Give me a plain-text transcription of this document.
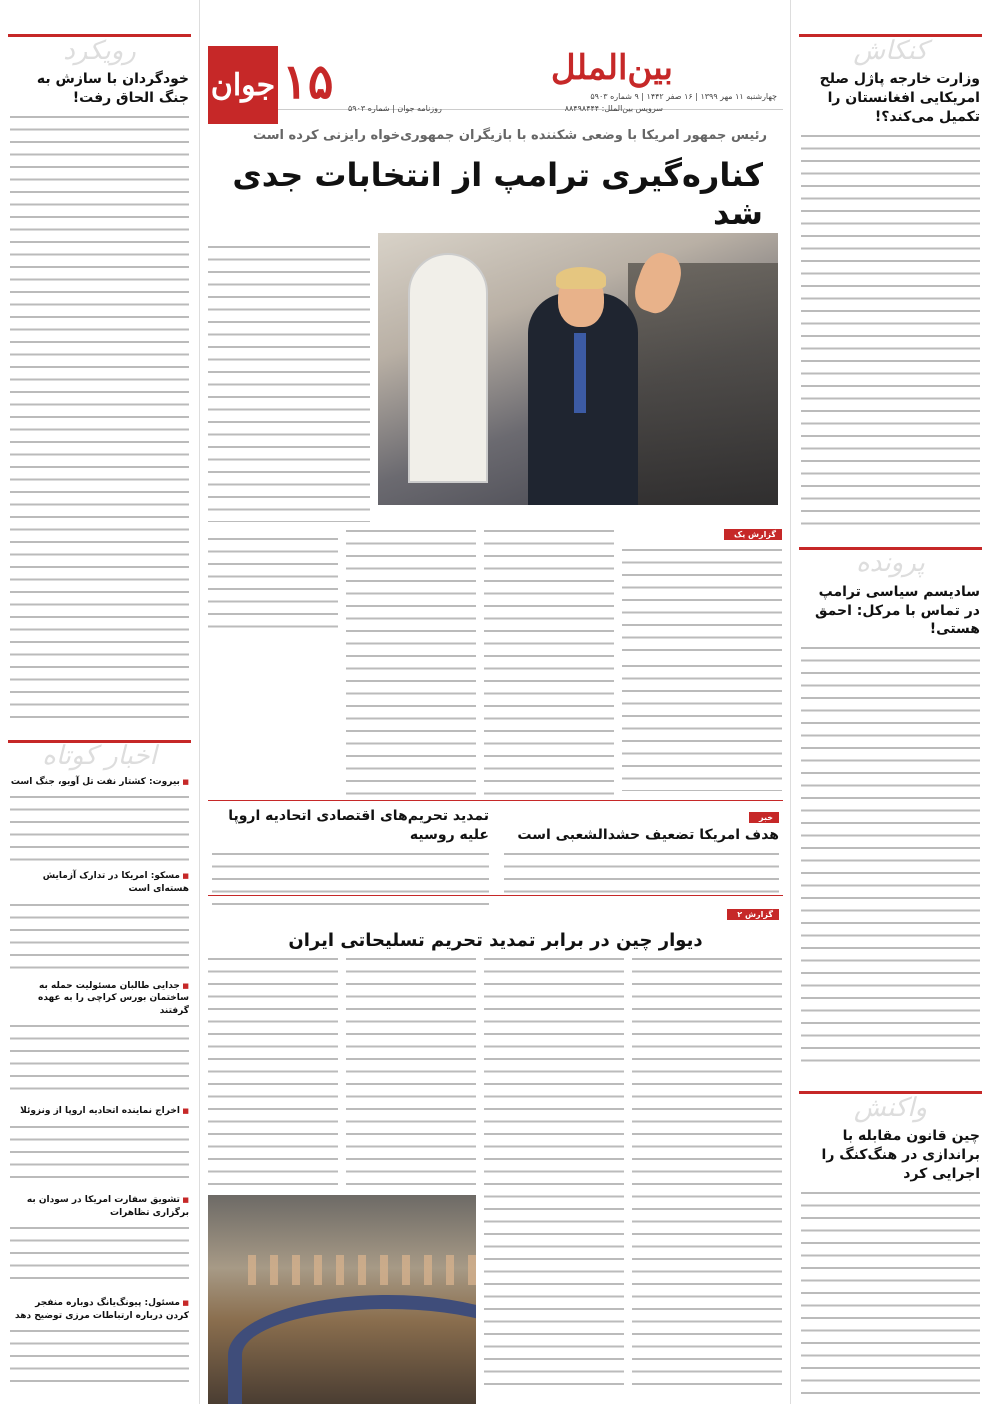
کنکاش
وزارت خارجه پاژل صلح امریکایی افغانستان را تکمیل می‌کند؟!
پرونده
سادیسم سیاسی ترامپ در تماس با مرکل: احمق هستی!
واکنش
چین قانون مقابله با براندازی در هنگ‌کنگ را اجرایی کرد
رویکرد
خودگردان با سازش به جنگ الحاق رفت!
اخبار کوتاه
■ بیروت: کشتار نفت تل آویو، جنگ است
■ مسکو: امریکا در تدارک آزمایش هسته‌ای است
■ جدایی طالبان مسئولیت حمله به ساختمان بورس کراچی را به عهده گرفتند
■ اخراج نماینده اتحادیه اروپا از ونزوئلا
■ تشویق سفارت امریکا در سودان به برگزاری تظاهرات
■ مسئول: پیونگ‌یانگ دوباره منفجر کردن درباره ارتباطات مرزی توضیح دهد
جوان ۱۵	بین‌الملل
چهارشنبه ۱۱ مهر ۱۳۹۹ | ۱۶ صفر ۱۴۴۲ | ۹ شماره ۵۹۰۳
سرویس بین‌الملل: ۸۸۴۹۸۴۴۴
روزنامه جوان | شماره ۵۹۰۳
رئیس جمهور امریکا با وضعی شکننده با بازیگران جمهوری‌خواه رایزنی کرده است
کناره‌گیری ترامپ از انتخابات جدی شد
گزارش یک
تمدید تحریم‌های اقتصادی اتحادیه اروپا علیه روسیه
خبر
هدف امریکا تضعیف حشدالشعبی است
گزارش ۲
دیوار چین در برابر تمدید تحریم تسلیحاتی ایران
